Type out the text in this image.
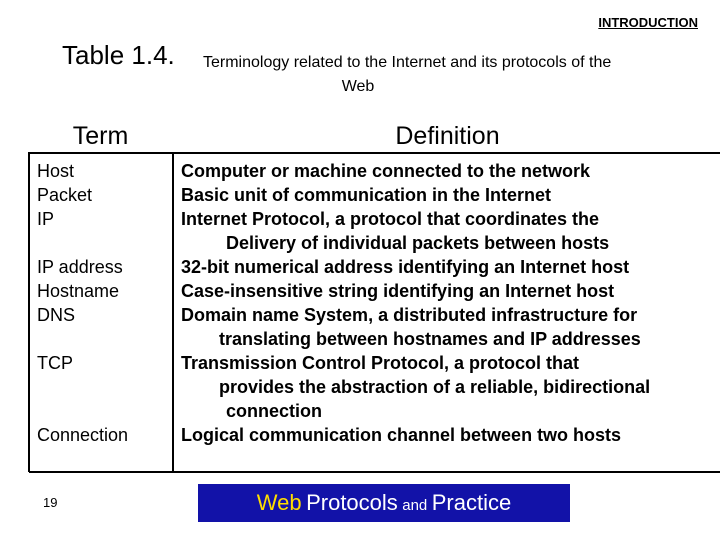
INTRODUCTION
Table 1.4. Terminology related to the Internet and its protocols of the
Web
Term	Definition
Host
Packet
IP
IP address
Hostname
DNS
TCP
Connection
Computer or machine connected to the network
Basic unit of communication in the Internet
Internet Protocol, a protocol that coordinates the
Delivery of individual packets between hosts
32-bit numerical address identifying an Internet host
Case-insensitive string identifying an Internet host
Domain name System, a distributed infrastructure for
translating between hostnames and IP addresses
Transmission Control Protocol, a protocol that
provides the abstraction of a reliable, bidirectional
connection
Logical communication channel between two hosts
19	Web Protocols and Practice
